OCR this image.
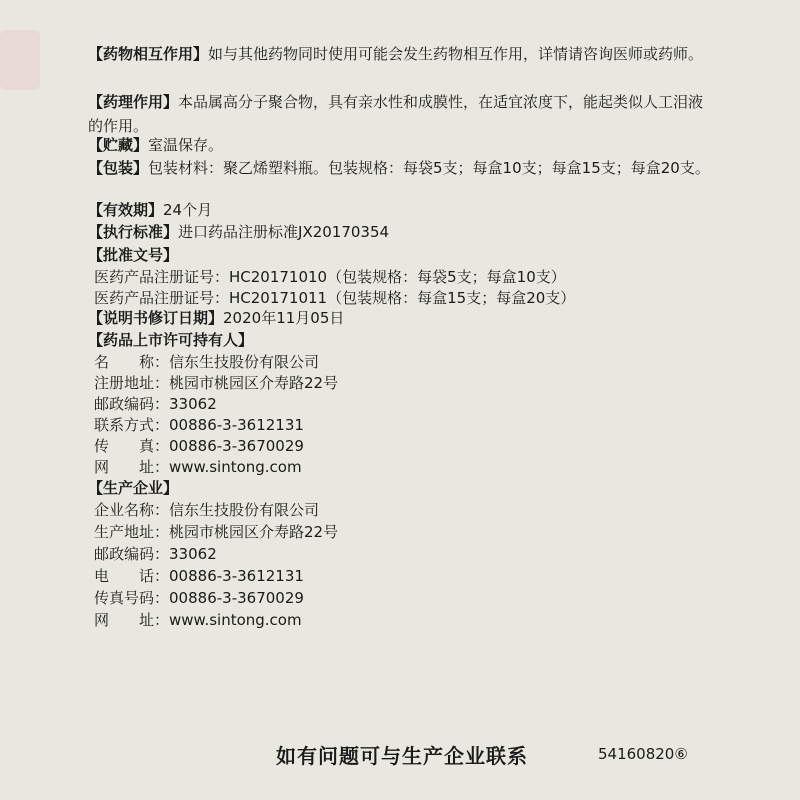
【药物相互作用】如与其他药物同时使用可能会发生药物相互作用，详情请咨询医师或药师。
【药理作用】本品属高分子聚合物，具有亲水性和成膜性，在适宜浓度下，能起类似人工泪液的作用。
【贮藏】室温保存。
【包装】包装材料：聚乙烯塑料瓶。包装规格：每袋5支；每盒10支；每盒15支；每盒20支。
【有效期】24个月
【执行标准】进口药品注册标准JX20170354
【批准文号】
医药产品注册证号：HC20171010（包装规格：每袋5支；每盒10支）
医药产品注册证号：HC20171011（包装规格：每盒15支；每盒20支）
【说明书修订日期】2020年11月05日
【药品上市许可持有人】
名　　称：信东生技股份有限公司
注册地址：桃园市桃园区介寿路22号
邮政编码：33062
联系方式：00886-3-3612131
传　　真：00886-3-3670029
网　　址：www.sintong.com
【生产企业】
企业名称：信东生技股份有限公司
生产地址：桃园市桃园区介寿路22号
邮政编码：33062
电　　话：00886-3-3612131
传真号码：00886-3-3670029
网　　址：www.sintong.com
如有问题可与生产企业联系	54160820⑥
